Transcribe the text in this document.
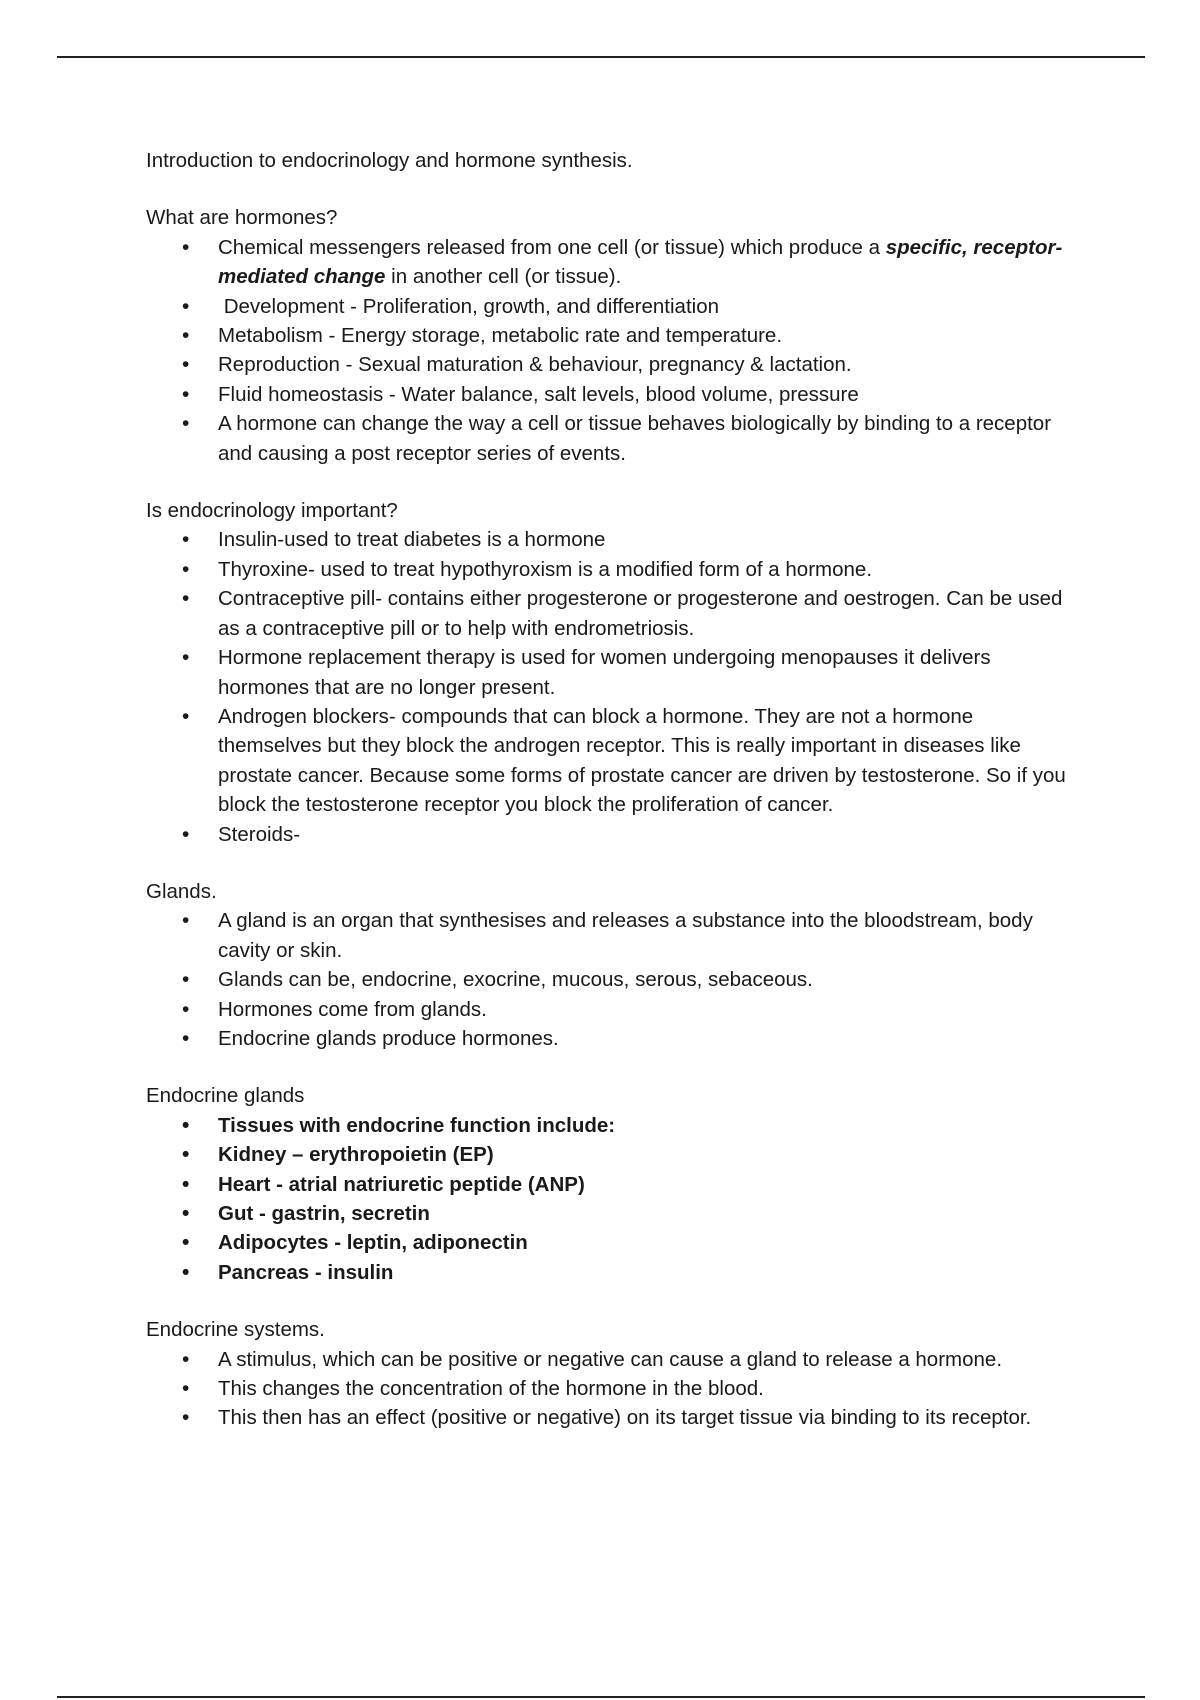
Introduction to endocrinology and hormone synthesis.

What are hormones?

• Chemical messengers released from one cell (or tissue) which produce a specific, receptor-mediated change in another cell (or tissue).
•  Development - Proliferation, growth, and differentiation
• Metabolism - Energy storage, metabolic rate and temperature.
• Reproduction - Sexual maturation & behaviour, pregnancy & lactation.
• Fluid homeostasis - Water balance, salt levels, blood volume, pressure
• A hormone can change the way a cell or tissue behaves biologically by binding to a receptor and causing a post receptor series of events.

Is endocrinology important?

• Insulin-used to treat diabetes is a hormone
• Thyroxine- used to treat hypothyroxism is a modified form of a hormone.
• Contraceptive pill- contains either progesterone or progesterone and oestrogen. Can be used as a contraceptive pill or to help with endrometriosis.
• Hormone replacement therapy is used for women undergoing menopauses it delivers hormones that are no longer present.
• Androgen blockers- compounds that can block a hormone. They are not a hormone themselves but they block the androgen receptor. This is really important in diseases like prostate cancer. Because some forms of prostate cancer are driven by testosterone. So if you block the testosterone receptor you block the proliferation of cancer.
• Steroids-

Glands.

• A gland is an organ that synthesises and releases a substance into the bloodstream, body cavity or skin.
• Glands can be, endocrine, exocrine, mucous, serous, sebaceous.
• Hormones come from glands.
• Endocrine glands produce hormones.

Endocrine glands

• Tissues with endocrine function include:
• Kidney – erythropoietin (EP)
• Heart - atrial natriuretic peptide (ANP)
• Gut - gastrin, secretin
• Adipocytes - leptin, adiponectin
• Pancreas - insulin

Endocrine systems.

• A stimulus, which can be positive or negative can cause a gland to release a hormone.
• This changes the concentration of the hormone in the blood.
• This then has an effect (positive or negative) on its target tissue via binding to its receptor.
